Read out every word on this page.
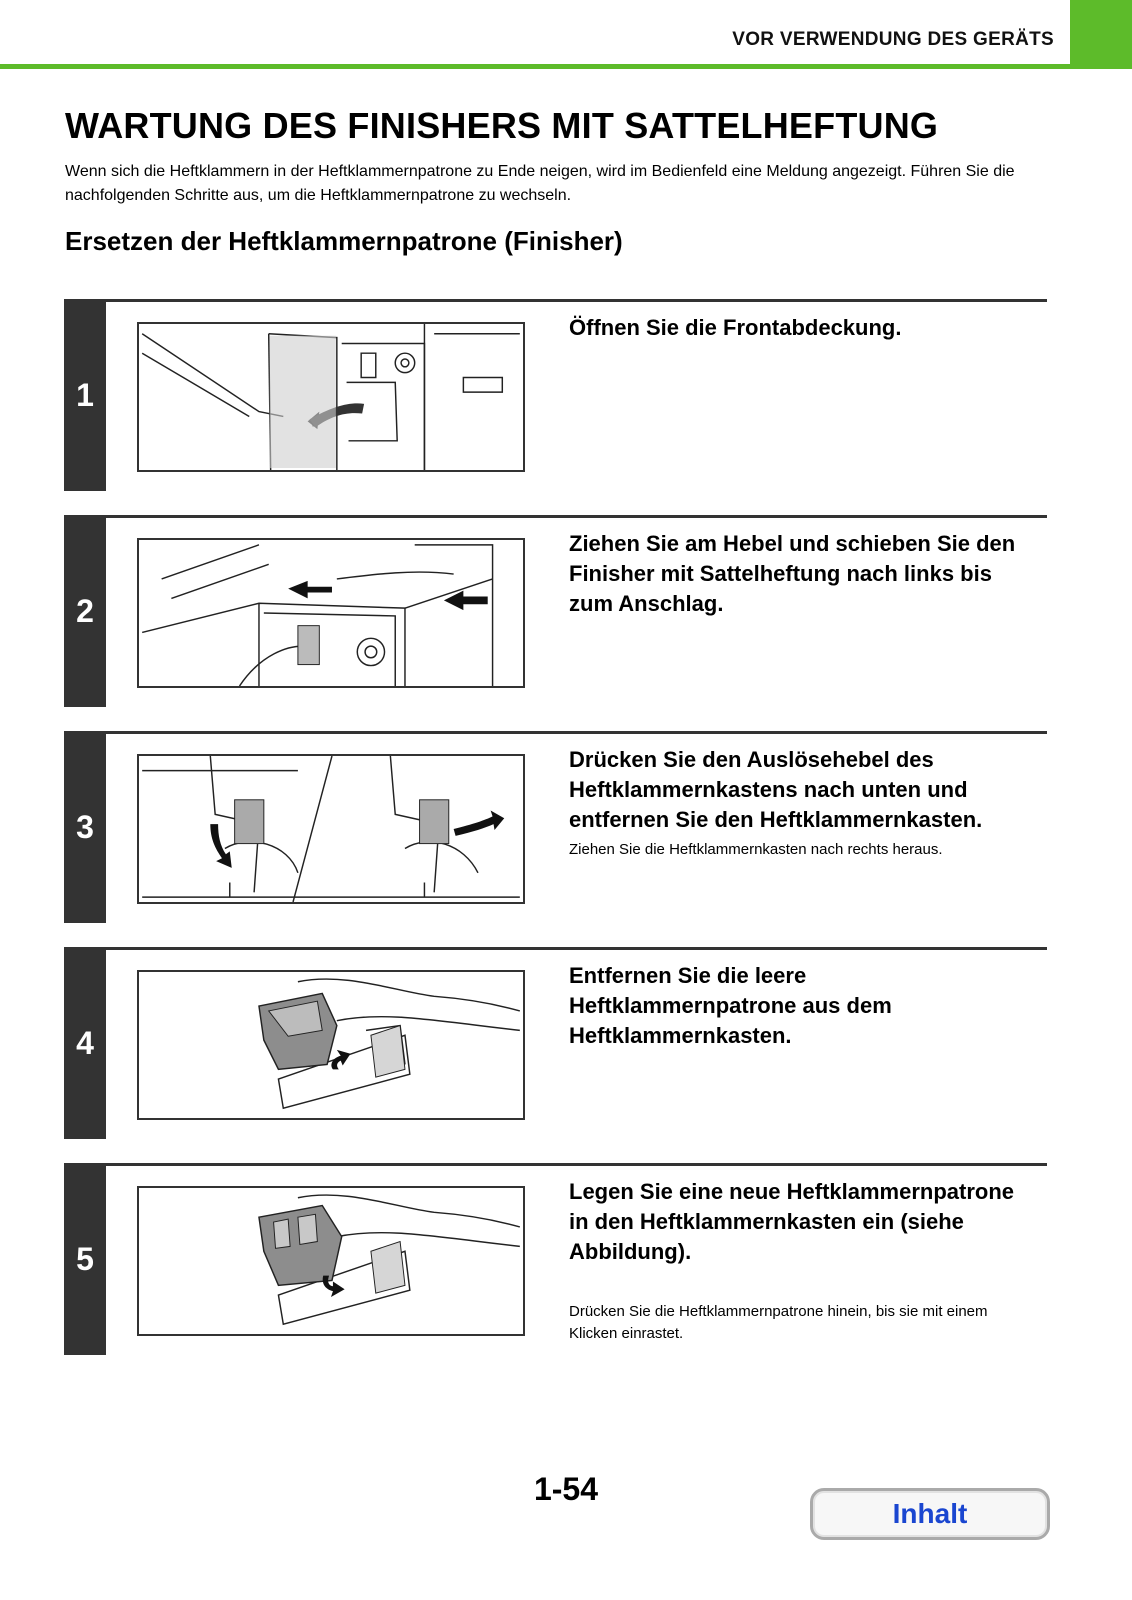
VOR VERWENDUNG DES GERÄTS
WARTUNG DES FINISHERS MIT SATTELHEFTUNG

Wenn sich die Heftklammern in der Heftklammernpatrone zu Ende neigen, wird im Bedienfeld eine Meldung angezeigt. Führen Sie die nachfolgenden Schritte aus, um die Heftklammernpatrone zu wechseln.

Ersetzen der Heftklammernpatrone (Finisher)
1

Öffnen Sie die Frontabdeckung.

2

Ziehen Sie am Hebel und schieben Sie den Finisher mit Sattelheftung nach links bis zum Anschlag.

3

Drücken Sie den Auslösehebel des Heftklammernkastens nach unten und entfernen Sie den Heftklammernkasten.

Ziehen Sie die Heftklammernkasten nach rechts heraus.

4

Entfernen Sie die leere Heftklammernpatrone aus dem Heftklammernkasten.

5

Legen Sie eine neue Heftklammernpatrone in den Heftklammernkasten ein (siehe Abbildung).

Drücken Sie die Heftklammernpatrone hinein, bis sie mit einem Klicken einrastet.

1-54
Inhalt
